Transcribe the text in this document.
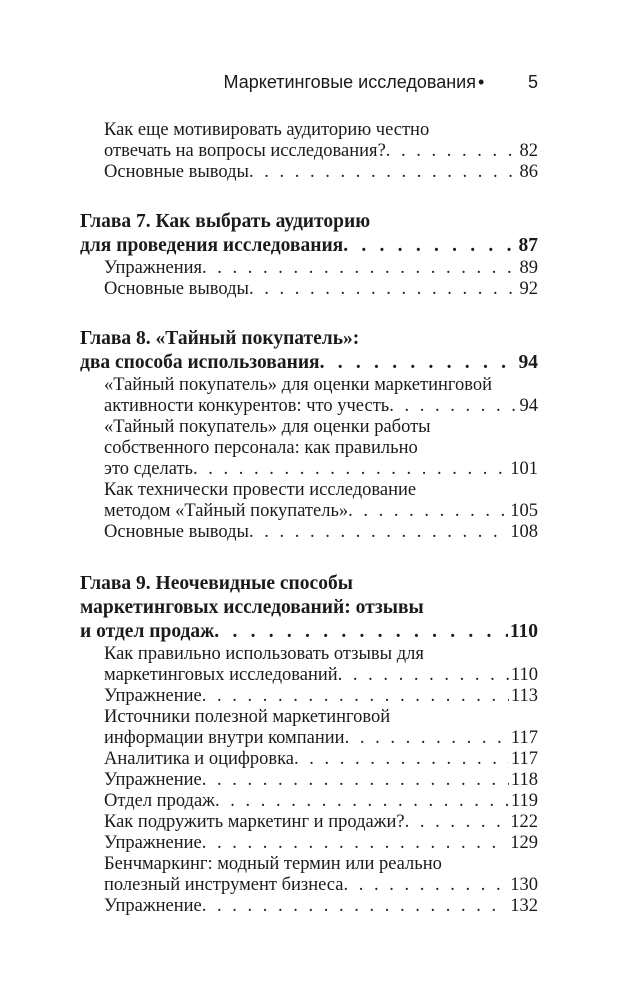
Маркетинговые исследования • 5
Как еще мотивировать аудиторию честно
отвечать на вопросы исследования? . . .	82
Основные выводы . . .	86
Глава 7. Как выбрать аудиторию
для проведения исследования . . .	87
Упражнения . . .	89
Основные выводы . . .	92
Глава 8. «Тайный покупатель»:
два способа использования . . .	94
«Тайный покупатель» для оценки маркетинговой
активности конкурентов: что учесть . . .	94
«Тайный покупатель» для оценки работы
собственного персонала: как правильно
это сделать . . .	101
Как технически провести исследование
методом «Тайный покупатель» . . .	105
Основные выводы . . .	108
Глава 9. Неочевидные способы
маркетинговых исследований: отзывы
и отдел продаж . . .	110
Как правильно использовать отзывы для
маркетинговых исследований . . .	110
Упражнение . . .	113
Источники полезной маркетинговой
информации внутри компании . . .	117
Аналитика и оцифровка . . .	117
Упражнение . . .	118
Отдел продаж . . .	119
Как подружить маркетинг и продажи? . . .	122
Упражнение . . .	129
Бенчмаркинг: модный термин или реально
полезный инструмент бизнеса . . .	130
Упражнение . . .	132
